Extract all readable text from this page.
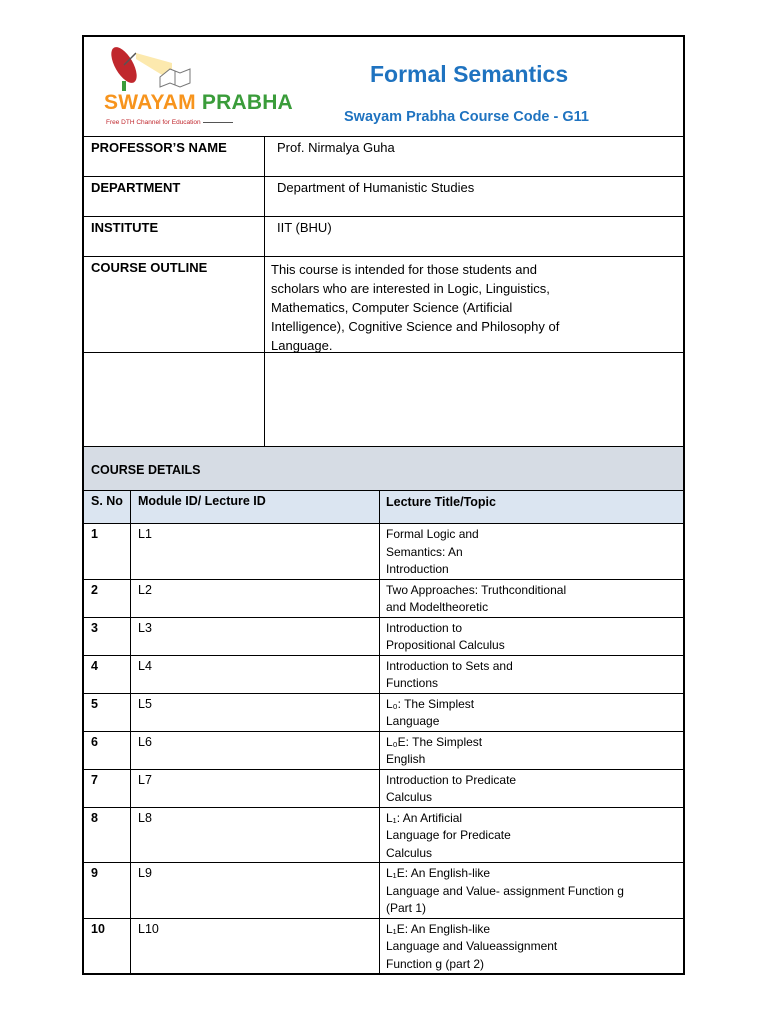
SWAYAM PRABHA
Free DTH Channel for Education
Formal Semantics
Swayam Prabha Course Code - G11
PROFESSOR’S NAME	Prof. Nirmalya Guha
DEPARTMENT	Department of Humanistic Studies
INSTITUTE	IIT (BHU)
COURSE OUTLINE	This course is intended for those students and scholars who are interested in Logic, Linguistics, Mathematics, Computer Science (Artificial Intelligence), Cognitive Science and Philosophy of Language.
COURSE DETAILS
S. No	Module ID/ Lecture ID	Lecture Title/Topic
1	L1	Formal Logic and
Semantics: An
Introduction
2	L2	Two Approaches: Truthconditional
and Modeltheoretic
3	L3	Introduction to
Propositional Calculus
4	L4	Introduction to Sets and
Functions
5	L5	L₀: The Simplest
Language
6	L6	L₀E: The Simplest
English
7	L7	Introduction to Predicate
Calculus
8	L8	L₁: An Artificial
Language for Predicate
Calculus
9	L9	L₁E: An English-like
Language and Value- assignment Function g
(Part 1)
10	L10	L₁E: An English-like
Language and Valueassignment
Function g (part 2)
